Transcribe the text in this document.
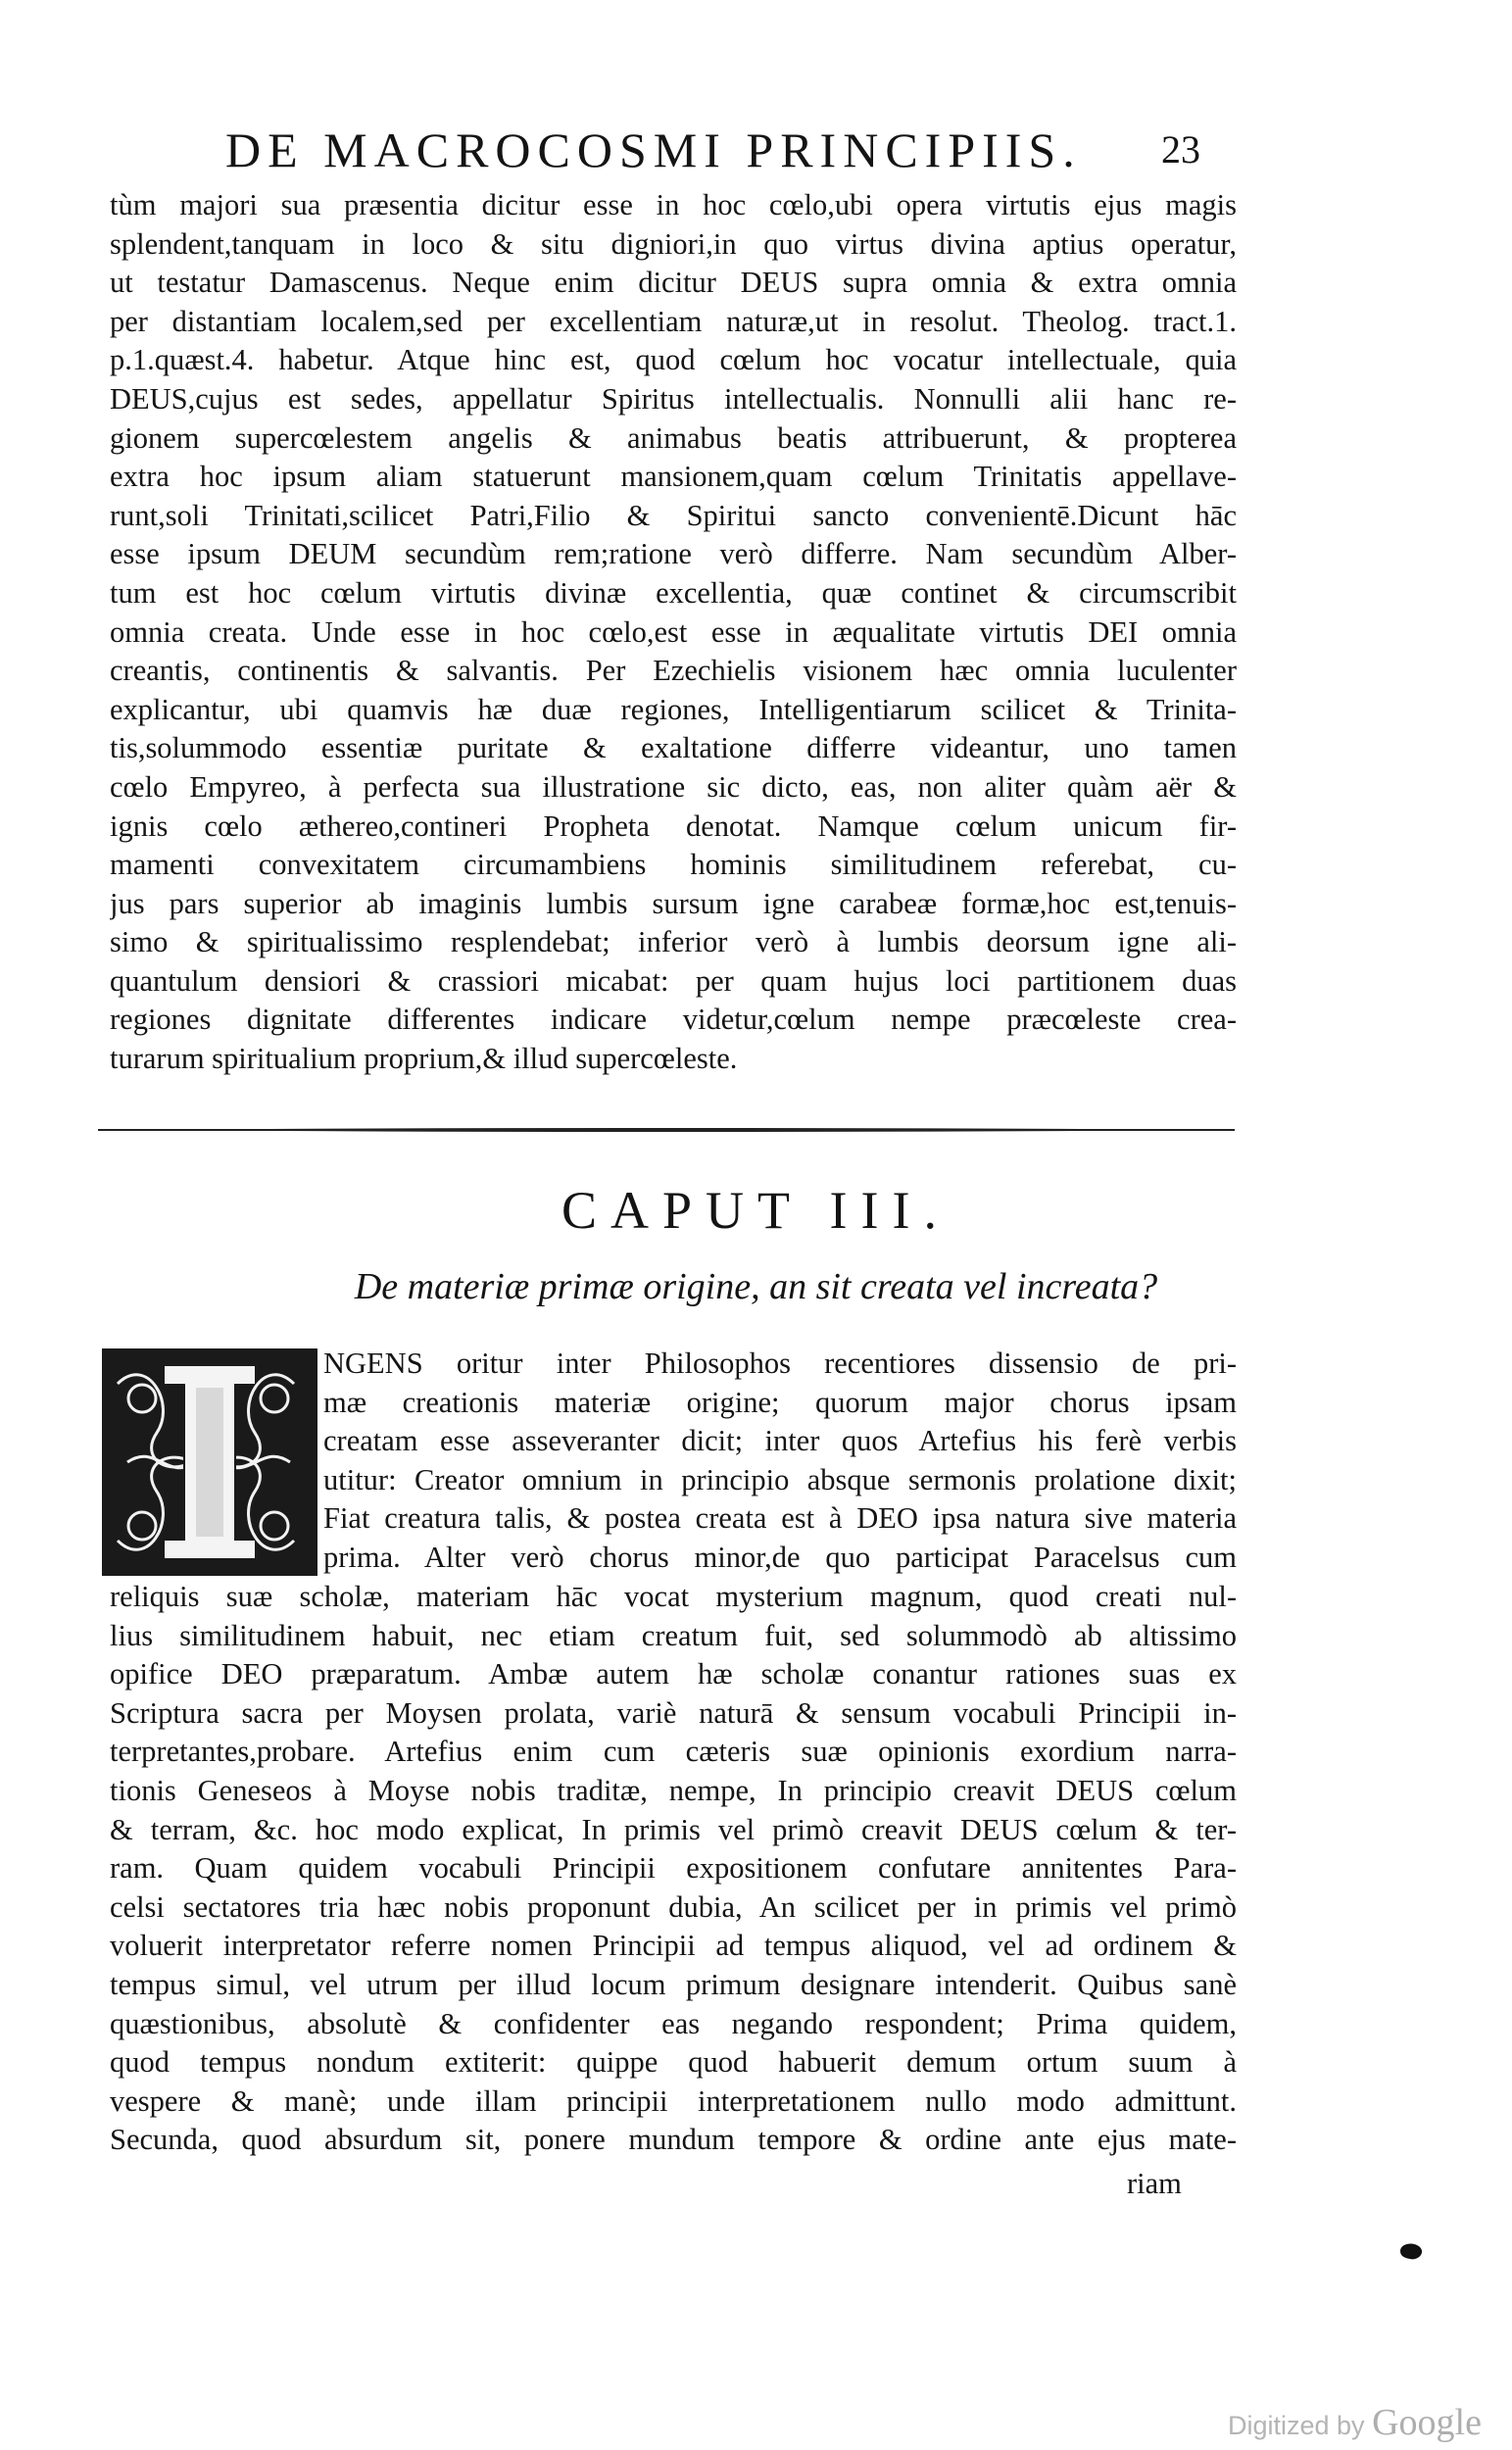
DE MACROCOSMI PRINCIPIIS. 23
tùm majori sua præsentia dicitur esse in hoc cœlo,ubi opera virtutis ejus magis
splendent,tanquam in loco & situ digniori,in quo virtus divina aptius operatur,
ut testatur Damascenus. Neque enim dicitur DEUS supra omnia & extra omnia
per distantiam localem,sed per excellentiam naturæ,ut in resolut. Theolog. tract.1.
p.1.quæst.4. habetur. Atque hinc est, quod cœlum hoc vocatur intellectuale, quia
DEUS,cujus est sedes, appellatur Spiritus intellectualis. Nonnulli alii hanc re-
gionem supercœlestem angelis & animabus beatis attribuerunt, & propterea
extra hoc ipsum aliam statuerunt mansionem,quam cœlum Trinitatis appellave-
runt,soli Trinitati,scilicet Patri,Filio & Spiritui sancto convenientē.Dicunt hāc
esse ipsum DEUM secundùm rem;ratione verò differre. Nam secundùm Alber-
tum est hoc cœlum virtutis divinæ excellentia, quæ continet & circumscribit
omnia creata. Unde esse in hoc cœlo,est esse in æqualitate virtutis DEI omnia
creantis, continentis & salvantis. Per Ezechielis visionem hæc omnia luculenter
explicantur, ubi quamvis hæ duæ regiones, Intelligentiarum scilicet & Trinita-
tis,solummodo essentiæ puritate & exaltatione differre videantur, uno tamen
cœlo Empyreo, à perfecta sua illustratione sic dicto, eas, non aliter quàm aër &
ignis cœlo æthereo,contineri Propheta denotat. Namque cœlum unicum fir-
mamenti convexitatem circumambiens hominis similitudinem referebat, cu-
jus pars superior ab imaginis lumbis sursum igne carabeæ formæ,hoc est,tenuis-
simo & spiritualissimo resplendebat; inferior verò à lumbis deorsum igne ali-
quantulum densiori & crassiori micabat: per quam hujus loci partitionem duas
regiones dignitate differentes indicare videtur,cœlum nempe præcœleste crea-
turarum spiritualium proprium,& illud supercœleste.
CAPUT III.
De materiæ primæ origine, an sit creata vel increata?
NGENS oritur inter Philosophos recentiores dissensio de pri-
mæ creationis materiæ origine; quorum major chorus ipsam
creatam esse asseveranter dicit; inter quos Artefius his ferè verbis
utitur: Creator omnium in principio absque sermonis prolatione dixit;
Fiat creatura talis, & postea creata est à DEO ipsa natura sive materia
prima. Alter verò chorus minor,de quo participat Paracelsus cum
reliquis suæ scholæ, materiam hāc vocat mysterium magnum, quod creati nul-
lius similitudinem habuit, nec etiam creatum fuit, sed solummodò ab altissimo
opifice DEO præparatum. Ambæ autem hæ scholæ conantur rationes suas ex
Scriptura sacra per Moysen prolata, variè naturā & sensum vocabuli Principii in-
terpretantes,probare. Artefius enim cum cæteris suæ opinionis exordium narra-
tionis Geneseos à Moyse nobis traditæ, nempe, In principio creavit DEUS cœlum
& terram, &c. hoc modo explicat, In primis vel primò creavit DEUS cœlum & ter-
ram. Quam quidem vocabuli Principii expositionem confutare annitentes Para-
celsi sectatores tria hæc nobis proponunt dubia, An scilicet per in primis vel primò
voluerit interpretator referre nomen Principii ad tempus aliquod, vel ad ordinem &
tempus simul, vel utrum per illud locum primum designare intenderit. Quibus sanè
quæstionibus, absolutè & confidenter eas negando respondent; Prima quidem,
quod tempus nondum extiterit: quippe quod habuerit demum ortum suum à
vespere & manè; unde illam principii interpretationem nullo modo admittunt.
Secunda, quod absurdum sit, ponere mundum tempore & ordine ante ejus mate-
riam
Digitized by Google
